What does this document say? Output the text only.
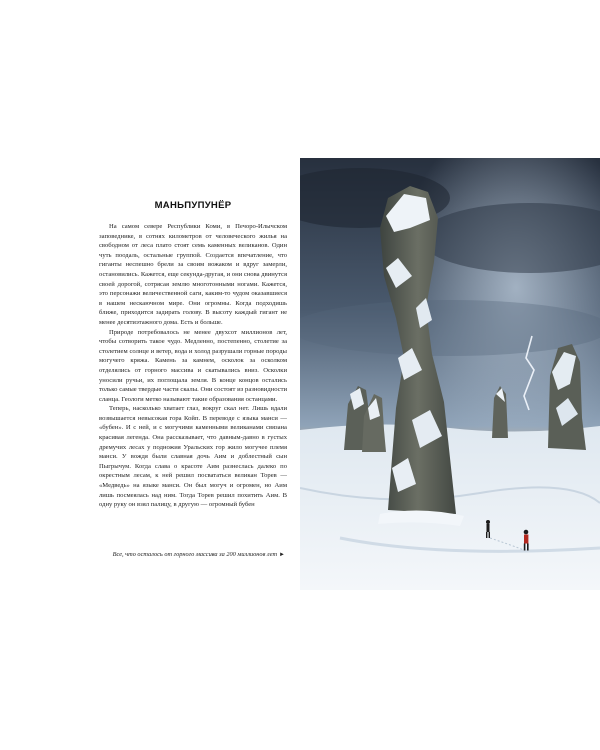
МАНЬПУПУНЁР

На самом севере Республики Коми, в Печоро-Илычском заповеднике, в сотнях километров от человеческого жилья на свободном от леса плато стоят семь каменных великанов. Один чуть поодаль, остальные группой. Создается впечатление, что гиганты неспешно брели за своим вожаком и вдруг замерли, остановились. Кажется, еще секунда-другая, и они снова двинутся своей дорогой, сотрясая землю многотонными ногами. Кажется, это персонажи величественной саги, каким-то чудом оказавшиеся в нашем нескаючном мире. Они огромны. Когда подходишь ближе, приходится задирать голову. В высоту каждый гигант не менее десятиэтажного дома. Есть и больше.

Природе потребовалось не менее двухсот миллионов лет, чтобы сотворить такое чудо. Медленно, постепенно, столетие за столетием солнце и ветер, вода и холод разрушали горные породы могучего кряжа. Камень за камнем, осколок за осколком отделялись от горного массива и скатывались вниз. Осколки уносили ручьи, их поглощала земля. В конце концов остались только самые твердые части скалы. Они состоят из разновидности сланца. Геологи метко называют такие образования останцами.

Теперь, насколько хватает глаз, вокруг скал нет. Лишь вдали возвышается невысокая гора Койп. В переводе с языка манси — «бубен». И с ней, и с могучими каменными великанами связана красивая легенда. Она рассказывает, что давным-давно в густых дремучих лесах у подножия Уральских гор жило могучее племя манси. У вождя были славная дочь Аим и доблестный сын Пыгрычум. Когда слава о красоте Аим разнеслась далеко по окрестным лесам, к ней решил посвататься великан Торев — «Медведь» на языке манси. Он был могуч и огромен, но Аим лишь посмеялась над ним. Тогда Торев решил похитить Аим. В одну руку он взял палицу, в другую — огромный бубен

Все, что осталось от горного массива за 200 миллионов лет ►
